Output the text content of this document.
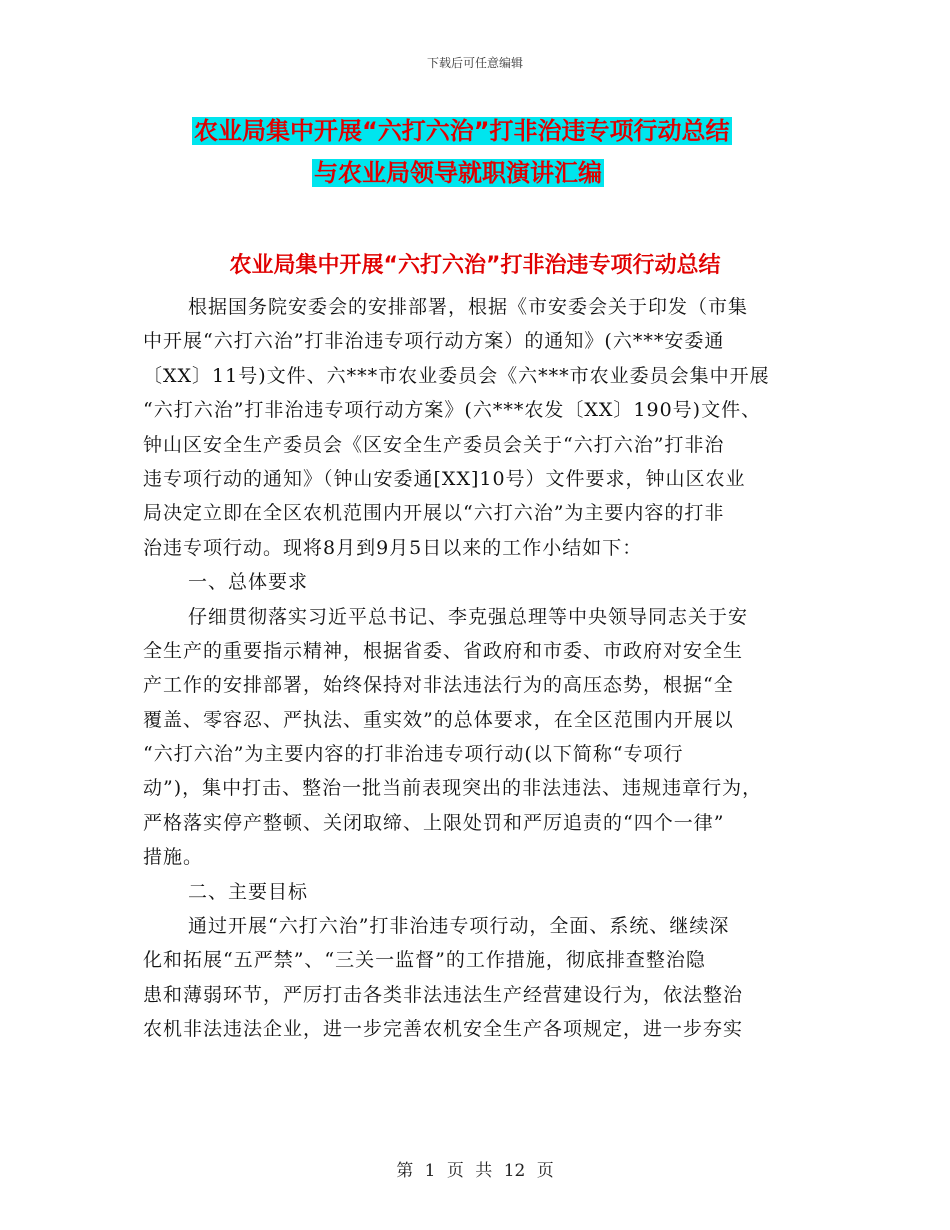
下载后可任意编辑
农业局集中开展“六打六治”打非治违专项行动总结
与农业局领导就职演讲汇编
农业局集中开展“六打六治”打非治违专项行动总结
根据国务院安委会的安排部署，根据《市安委会关于印发（市集
中开展“六打六治”打非治违专项行动方案）的通知》(六***安委通
〔XX〕11号)文件、六***市农业委员会《六***市农业委员会集中开展
“六打六治”打非治违专项行动方案》(六***农发〔XX〕190号)文件、
钟山区安全生产委员会《区安全生产委员会关于“六打六治”打非治
违专项行动的通知》（钟山安委通[XX]10号）文件要求，钟山区农业
局决定立即在全区农机范围内开展以“六打六治”为主要内容的打非
治违专项行动。现将8月到9月5日以来的工作小结如下：
一、总体要求
仔细贯彻落实习近平总书记、李克强总理等中央领导同志关于安
全生产的重要指示精神，根据省委、省政府和市委、市政府对安全生
产工作的安排部署，始终保持对非法违法行为的高压态势，根据“全
覆盖、零容忍、严执法、重实效”的总体要求，在全区范围内开展以
“六打六治”为主要内容的打非治违专项行动(以下简称“专项行
动”)，集中打击、整治一批当前表现突出的非法违法、违规违章行为，
严格落实停产整顿、关闭取缔、上限处罚和严厉追责的“四个一律”
措施。
二、主要目标
通过开展“六打六治”打非治违专项行动，全面、系统、继续深
化和拓展“五严禁”、“三关一监督”的工作措施，彻底排查整治隐
患和薄弱环节，严厉打击各类非法违法生产经营建设行为，依法整治
农机非法违法企业，进一步完善农机安全生产各项规定，进一步夯实
第 1 页 共 12 页
